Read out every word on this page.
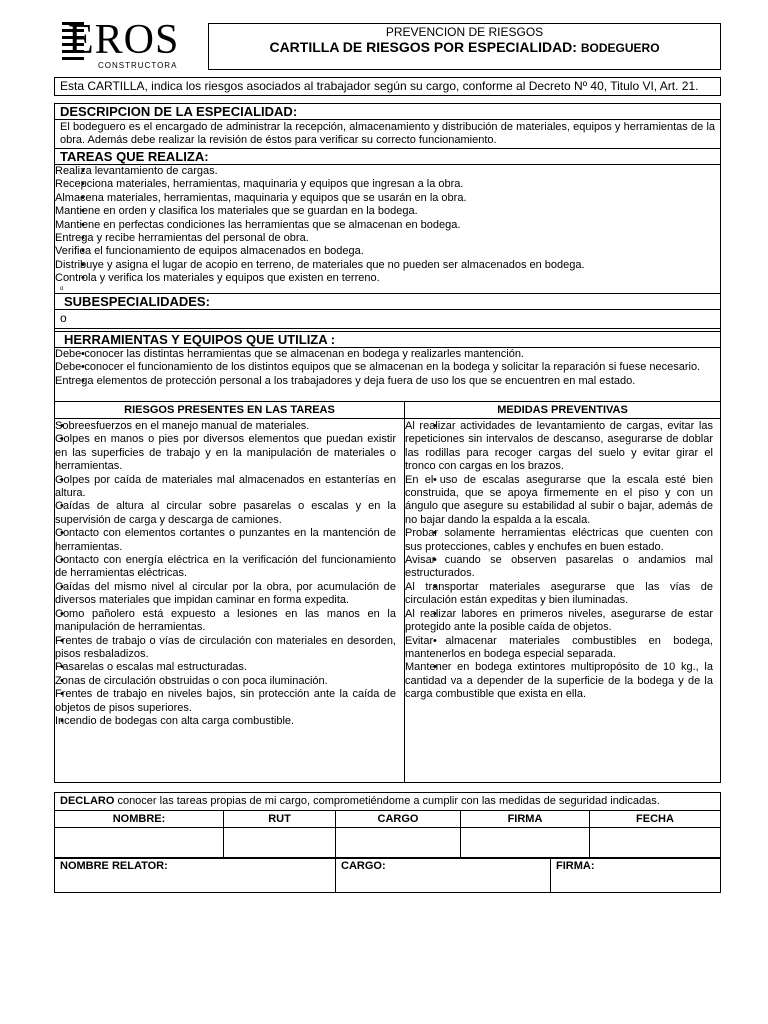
EROS
CONSTRUCTORA
PREVENCION DE RIESGOS
CARTILLA DE RIESGOS POR ESPECIALIDAD: BODEGUERO
Esta CARTILLA, indica los riesgos asociados al trabajador según su cargo, conforme al Decreto Nº 40, Titulo VI, Art. 21.
DESCRIPCION DE LA ESPECIALIDAD:
El bodeguero es el encargado de administrar la recepción, almacenamiento y distribución de materiales, equipos y herramientas de la obra. Además debe realizar la revisión de éstos para verificar su correcto funcionamiento.
TAREAS QUE REALIZA:
• Realiza levantamiento de cargas.
• Recepciona materiales, herramientas, maquinaria y equipos que ingresan a la obra.
• Almacena materiales, herramientas, maquinaria y equipos que se usarán en la obra.
• Mantiene en orden y clasifica los materiales que se guardan en la bodega.
• Mantiene en perfectas condiciones las herramientas que se almacenan en bodega.
• Entrega y recibe herramientas del personal de obra.
• Verifica el funcionamiento de equipos almacenados en bodega.
• Distribuye y asigna el lugar de acopio en terreno, de materiales que no pueden ser almacenados en bodega.
• Controla y verifica los materiales y equipos que existen en terreno.
o
SUBESPECIALIDADES:
o
HERRAMIENTAS Y EQUIPOS QUE UTILIZA :
• Debe conocer las distintas herramientas que se almacenan en bodega y realizarles mantención.
• Debe conocer el funcionamiento de los distintos equipos que se almacenan en la bodega y solicitar la reparación si fuese necesario.
• Entrega elementos de protección personal a los trabajadores y deja fuera de uso los que se encuentren en mal estado.
RIESGOS PRESENTES EN LAS TAREAS	MEDIDAS PREVENTIVAS
• Sobreesfuerzos en el manejo manual de materiales.
• Golpes en manos o pies por diversos elementos que puedan existir en las superficies de trabajo y en la manipulación de materiales o herramientas.
• Golpes por caída de materiales mal almacenados en estanterías en altura.
• Caídas de altura al circular sobre pasarelas o escalas y en la supervisión de carga y descarga de camiones.
• Contacto con elementos cortantes o punzantes en la mantención de herramientas.
• Contacto con energía eléctrica en la verificación del funcionamiento de herramientas eléctricas.
• Caídas del mismo nivel al circular por la obra, por acumulación de diversos materiales que impidan caminar en forma expedita.
• Como pañolero está expuesto a lesiones en las manos en la manipulación de herramientas.
• Frentes de trabajo o vías de circulación con materiales en desorden, pisos resbaladizos.
• Pasarelas o escalas mal estructuradas.
• Zonas de circulación obstruidas o con poca iluminación.
• Frentes de trabajo en niveles bajos, sin protección ante la caída de objetos de pisos superiores.
• Incendio de bodegas con alta carga combustible.
• Al realizar actividades de levantamiento de cargas, evitar las repeticiones sin intervalos de descanso, asegurarse de doblar las rodillas para recoger cargas del suelo y evitar girar el tronco con cargas en los brazos.
• En el uso de escalas asegurarse que la escala esté bien construida, que se apoya firmemente en el piso y con un ángulo que asegure su estabilidad al subir o bajar, además de no bajar dando la espalda a la escala.
• Probar solamente herramientas eléctricas que cuenten con sus protecciones, cables y enchufes en buen estado.
• Avisar cuando se observen pasarelas o andamios mal estructurados.
• Al transportar materiales asegurarse que las vías de circulación están expeditas y bien iluminadas.
• Al realizar labores en primeros niveles, asegurarse de estar protegido ante la posible caída de objetos.
• Evitar almacenar materiales combustibles en bodega, mantenerlos en bodega especial separada.
• Mantener en bodega extintores multipropósito de 10 kg., la cantidad va a depender de la superficie de la bodega y de la carga combustible que exista en ella.
DECLARO conocer las tareas propias de mi cargo, comprometiéndome a cumplir con las medidas de seguridad indicadas.
NOMBRE:	RUT	CARGO	FIRMA	FECHA
NOMBRE RELATOR:	CARGO:	FIRMA:
